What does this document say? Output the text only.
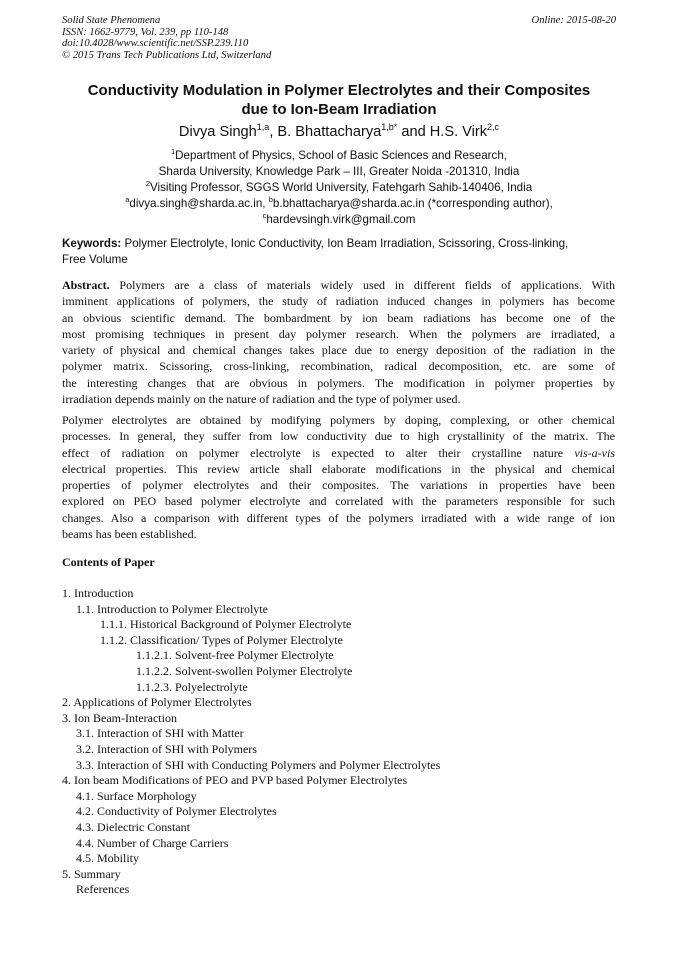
Solid State Phenomena
ISSN: 1662-9779, Vol. 239, pp 110-148
doi:10.4028/www.scientific.net/SSP.239.110
© 2015 Trans Tech Publications Ltd, Switzerland
Online: 2015-08-20
Conductivity Modulation in Polymer Electrolytes and their Composites
due to Ion-Beam Irradiation
Divya Singh$^{1,a}$, B. Bhattacharya$^{1,b*}$ and H.S. Virk$^{2,c}$
$^1$Department of Physics, School of Basic Sciences and Research,
Sharda University, Knowledge Park – III, Greater Noida -201310, India
$^2$Visiting Professor, SGGS World University, Fatehgarh Sahib-140406, India
$^a$divya.singh@sharda.ac.in, $^b$b.bhattacharya@sharda.ac.in (*corresponding author),
$^c$hardevsingh.virk@gmail.com
Keywords: Polymer Electrolyte, Ionic Conductivity, Ion Beam Irradiation, Scissoring, Cross-linking,
Free Volume
Abstract. Polymers are a class of materials widely used in different fields of applications. With
imminent applications of polymers, the study of radiation induced changes in polymers has become
an obvious scientific demand. The bombardment by ion beam radiations has become one of the
most promising techniques in present day polymer research. When the polymers are irradiated, a
variety of physical and chemical changes takes place due to energy deposition of the radiation in the
polymer matrix. Scissoring, cross-linking, recombination, radical decomposition, etc. are some of
the interesting changes that are obvious in polymers. The modification in polymer properties by
irradiation depends mainly on the nature of radiation and the type of polymer used.
Polymer electrolytes are obtained by modifying polymers by doping, complexing, or other chemical
processes. In general, they suffer from low conductivity due to high crystallinity of the matrix. The
effect of radiation on polymer electrolyte is expected to alter their crystalline nature vis-a-vis
electrical properties. This review article shall elaborate modifications in the physical and chemical
properties of polymer electrolytes and their composites. The variations in properties have been
explored on PEO based polymer electrolyte and correlated with the parameters responsible for such
changes. Also a comparison with different types of the polymers irradiated with a wide range of ion
beams has been established.
Contents of Paper
1. Introduction
1.1. Introduction to Polymer Electrolyte
1.1.1. Historical Background of Polymer Electrolyte
1.1.2. Classification/ Types of Polymer Electrolyte
1.1.2.1. Solvent-free Polymer Electrolyte
1.1.2.2. Solvent-swollen Polymer Electrolyte
1.1.2.3. Polyelectrolyte
2. Applications of Polymer Electrolytes
3. Ion Beam-Interaction
3.1. Interaction of SHI with Matter
3.2. Interaction of SHI with Polymers
3.3. Interaction of SHI with Conducting Polymers and Polymer Electrolytes
4. Ion beam Modifications of PEO and PVP based Polymer Electrolytes
4.1. Surface Morphology
4.2. Conductivity of Polymer Electrolytes
4.3. Dielectric Constant
4.4. Number of Charge Carriers
4.5. Mobility
5. Summary
References
